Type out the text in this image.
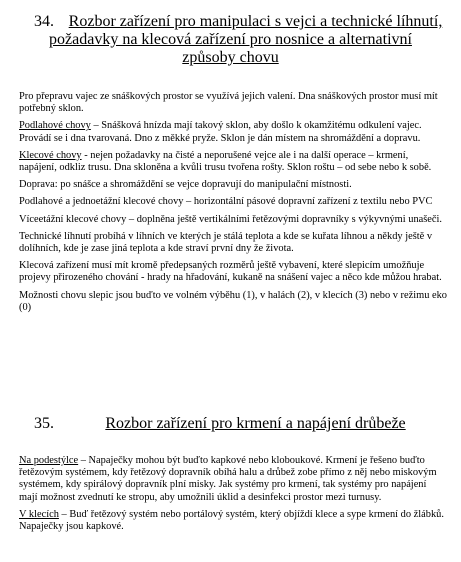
34. Rozbor zařízení pro manipulaci s vejci a technické líhnutí,
požadavky na klecová zařízení pro nosnice a alternativní
způsoby chovu

Pro přepravu vajec ze snáškových prostor se využívá jejich valení. Dna snáškových prostor musí mít potřebný sklon.

Podlahové chovy – Snášková hnízda mají takový sklon, aby došlo k okamžitému odkulení vajec. Provádí se i dna tvarovaná. Dno z měkké pryže. Sklon je dán místem na shromáždění a dopravu.

Klecové chovy - nejen požadavky na čisté a neporušené vejce ale i na další operace – krmení, napájení, odkliz trusu. Dna skloněna a kvůli trusu tvořena rošty. Sklon roštu – od sebe nebo k sobě.

Doprava: po snášce a shromáždění se vejce dopravují do manipulační místnosti.

Podlahové a jednoetážní klecové chovy – horizontální pásové dopravní zařízení z textilu nebo PVC

Víceetážní klecové chovy – doplněna ještě vertikálními řetězovými dopravníky s výkyvnými unašeči.

Technické líhnutí probíhá v líhních ve kterých je stálá teplota a kde se kuřata líhnou a někdy ještě v dolíhních, kde je zase jiná teplota a kde straví první dny že života.

Klecová zařízení musí mít kromě předepsaných rozměrů ještě vybavení, které slepicím umožňuje projevy přirozeného chování - hrady na hřadování, kukaně na snášení vajec a něco kde můžou hrabat.

Možnosti chovu slepic jsou buďto ve volném výběhu (1), v halách (2), v klecích (3) nebo v režimu eko (0)

35.	Rozbor zařízení pro krmení a napájení drůbeže

Na podestýlce – Napaječky mohou být buďto kapkové nebo kloboukové. Krmení je řešeno buďto řetězovým systémem, kdy řetězový dopravník obíhá halu a drůbež zobe přímo z něj nebo miskovým systémem, kdy spirálový dopravník plní misky. Jak systémy pro krmení, tak systémy pro napájení mají možnost zvednutí ke stropu, aby umožnili úklid a desinfekci prostor mezi turnusy.

V klecích – Buď řetězový systém nebo portálový systém, který objíždí klece a sype krmení do žlábků. Napaječky jsou kapkové.
